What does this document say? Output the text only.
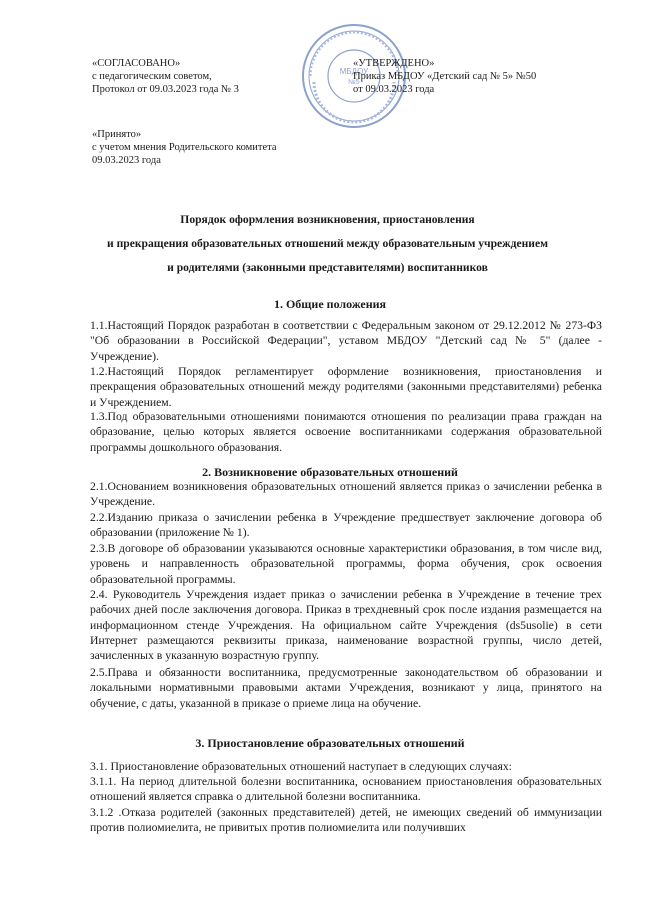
«СОГЛАСОВАНО»
с педагогическим советом,
Протокол от 09.03.2023 года № 3
«Принято»
с учетом мнения Родительского комитета
09.03.2023 года
МБДОУ
№5
«УТВЕРЖДЕНО»
Приказ МБДОУ «Детский сад № 5» №50
от 09.03.2023 года
Порядок оформления возникновения, приостановления
и прекращения образовательных отношений между образовательным учреждением
и родителями (законными представителями) воспитанников
1. Общие положения
1.1.Настоящий Порядок разработан в соответствии с Федеральным законом от 29.12.2012 № 273-ФЗ "Об образовании в Российской Федерации", уставом МБДОУ "Детский сад № 5" (далее - Учреждение).
1.2.Настоящий Порядок регламентирует оформление возникновения, приостановления и прекращения образовательных отношений между родителями (законными представителями) ребенка и Учреждением.
1.3.Под образовательными отношениями понимаются отношения по реализации права граждан на образование, целью которых является освоение воспитанниками содержания образовательной программы дошкольного образования.
2. Возникновение образовательных отношений
2.1.Основанием возникновения образовательных отношений является приказ о зачислении ребенка в Учреждение.
2.2.Изданию приказа о зачислении ребенка в Учреждение предшествует заключение договора об образовании (приложение № 1).
2.3.В договоре об образовании указываются основные характеристики образования, в том числе вид, уровень и направленность образовательной программы, форма обучения, срок освоения образовательной программы.
2.4. Руководитель Учреждения издает приказ о зачислении ребенка в Учреждение в течение трех рабочих дней после заключения договора. Приказ в трехдневный срок после издания размещается на информационном стенде Учреждения. На официальном сайте Учреждения (ds5usolie) в сети Интернет размещаются реквизиты приказа, наименование возрастной группы, число детей, зачисленных в указанную возрастную группу.
2.5.Права и обязанности воспитанника, предусмотренные законодательством об образовании и локальными нормативными правовыми актами Учреждения, возникают у лица, принятого на обучение, с даты, указанной в приказе о приеме лица на обучение.
3. Приостановление образовательных отношений
3.1. Приостановление образовательных отношений наступает в следующих случаях:
3.1.1. На период длительной болезни воспитанника, основанием приостановления образовательных отношений является справка о длительной болезни воспитанника.
3.1.2 .Отказа родителей (законных представителей) детей, не имеющих сведений об иммунизации против полиомиелита, не привитых против полиомиелита или получивших
